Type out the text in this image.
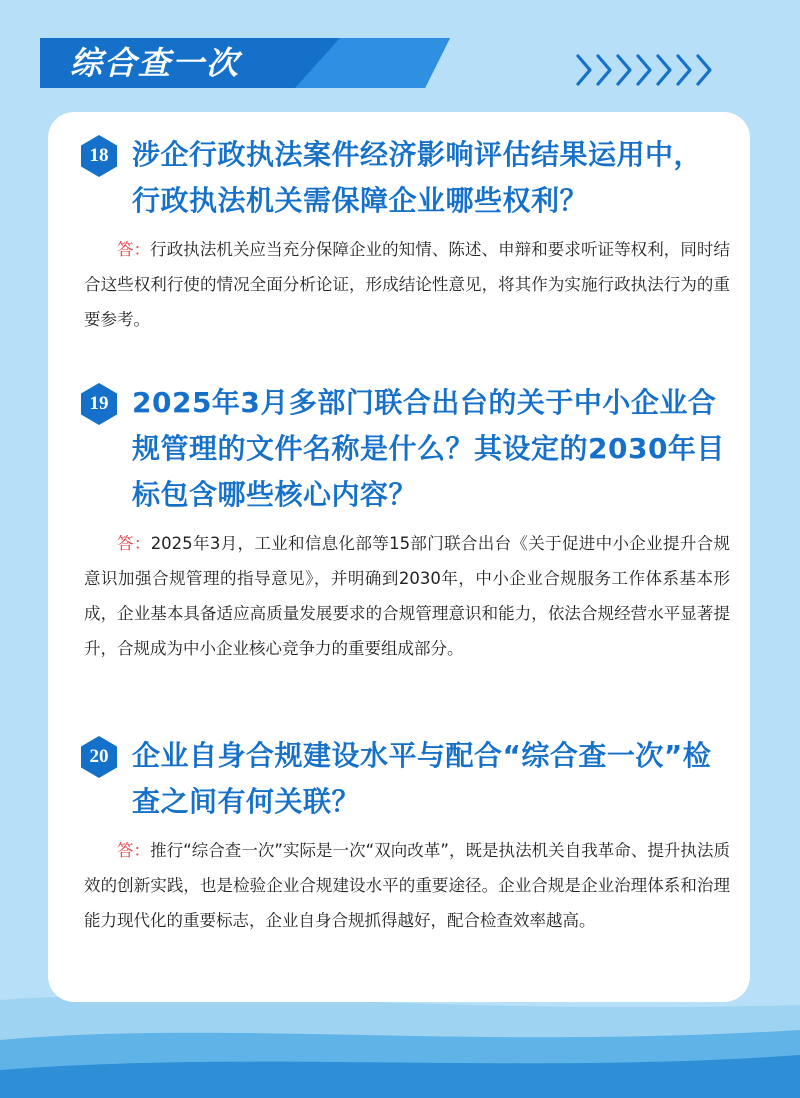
综合查一次
18 涉企行政执法案件经济影响评估结果运用中，行政执法机关需保障企业哪些权利？
答：行政执法机关应当充分保障企业的知情、陈述、申辩和要求听证等权利，同时结合这些权利行使的情况全面分析论证，形成结论性意见，将其作为实施行政执法行为的重要参考。
19 2025年3月多部门联合出台的关于中小企业合规管理的文件名称是什么？其设定的2030年目标包含哪些核心内容？
答：2025年3月，工业和信息化部等15部门联合出台《关于促进中小企业提升合规意识加强合规管理的指导意见》，并明确到2030年，中小企业合规服务工作体系基本形成，企业基本具备适应高质量发展要求的合规管理意识和能力，依法合规经营水平显著提升，合规成为中小企业核心竞争力的重要组成部分。
20 企业自身合规建设水平与配合“综合查一次”检查之间有何关联？
答：推行“综合查一次”实际是一次“双向改革”，既是执法机关自我革命、提升执法质效的创新实践，也是检验企业合规建设水平的重要途径。企业合规是企业治理体系和治理能力现代化的重要标志，企业自身合规抓得越好，配合检查效率越高。
